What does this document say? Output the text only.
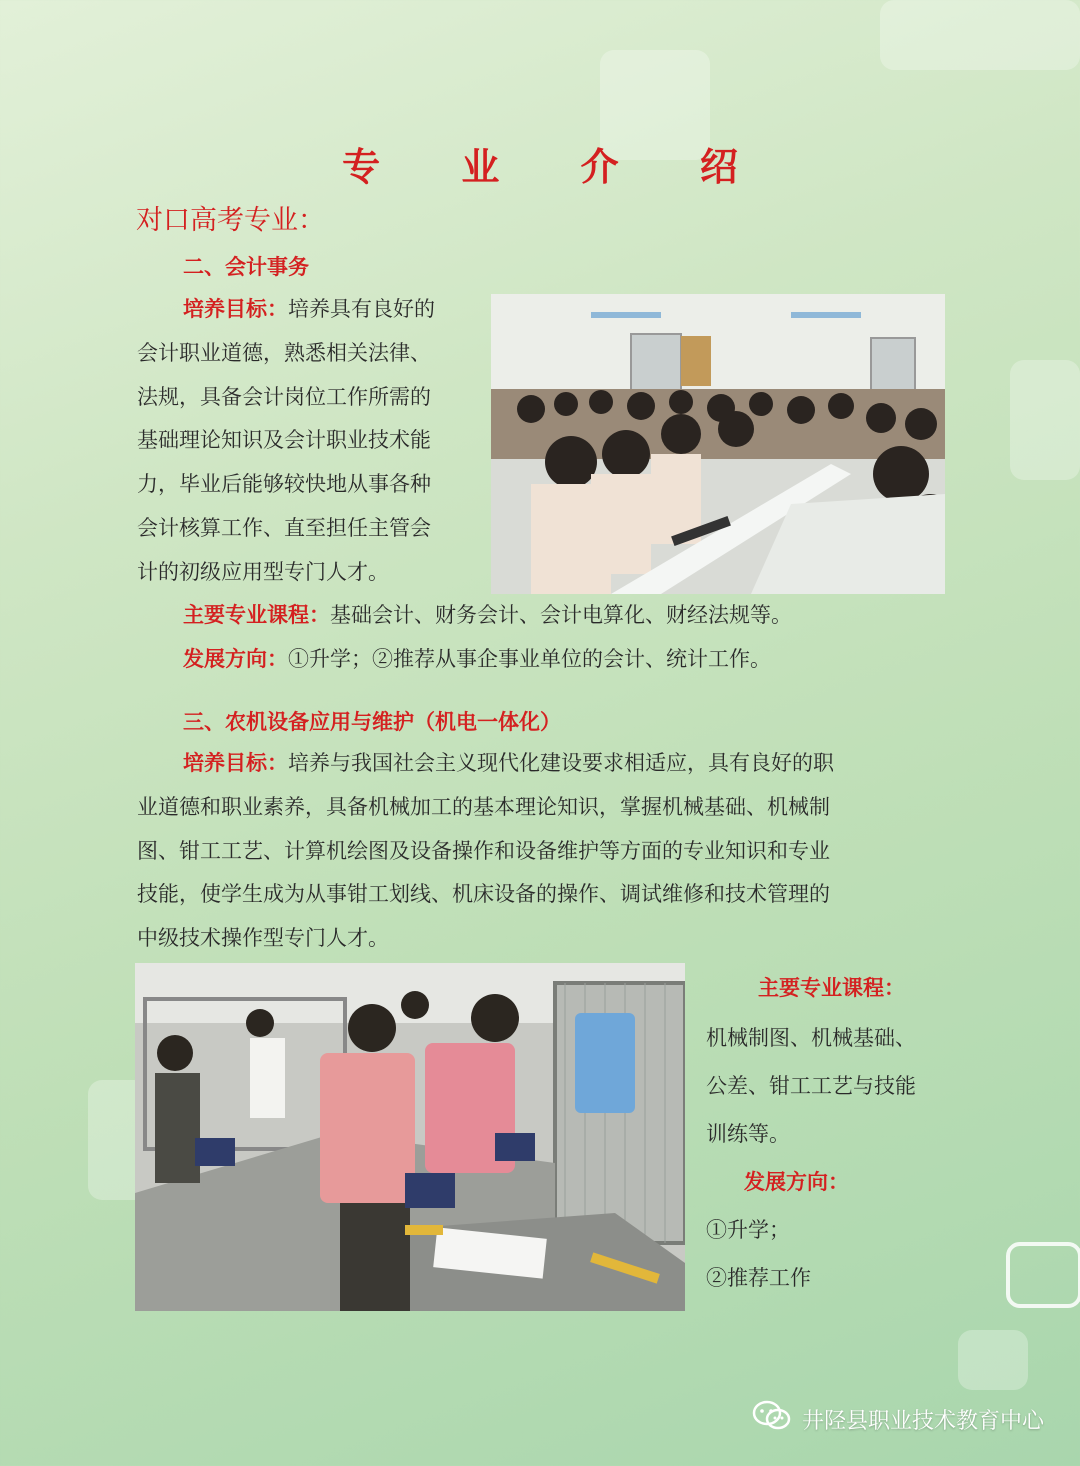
专 业 介 绍
对口高考专业：
二、会计事务
培养目标：培养具有良好的
会计职业道德，熟悉相关法律、
法规，具备会计岗位工作所需的
基础理论知识及会计职业技术能
力，毕业后能够较快地从事各种
会计核算工作、直至担任主管会
计的初级应用型专门人才。
主要专业课程：基础会计、财务会计、会计电算化、财经法规等。
发展方向：①升学；②推荐从事企事业单位的会计、统计工作。
三、农机设备应用与维护（机电一体化）
培养目标：培养与我国社会主义现代化建设要求相适应，具有良好的职
业道德和职业素养，具备机械加工的基本理论知识，掌握机械基础、机械制
图、钳工工艺、计算机绘图及设备操作和设备维护等方面的专业知识和专业
技能，使学生成为从事钳工划线、机床设备的操作、调试维修和技术管理的
中级技术操作型专门人才。
主要专业课程：
机械制图、机械基础、
公差、钳工工艺与技能
训练等。
发展方向：
①升学；
②推荐工作
井陉县职业技术教育中心
